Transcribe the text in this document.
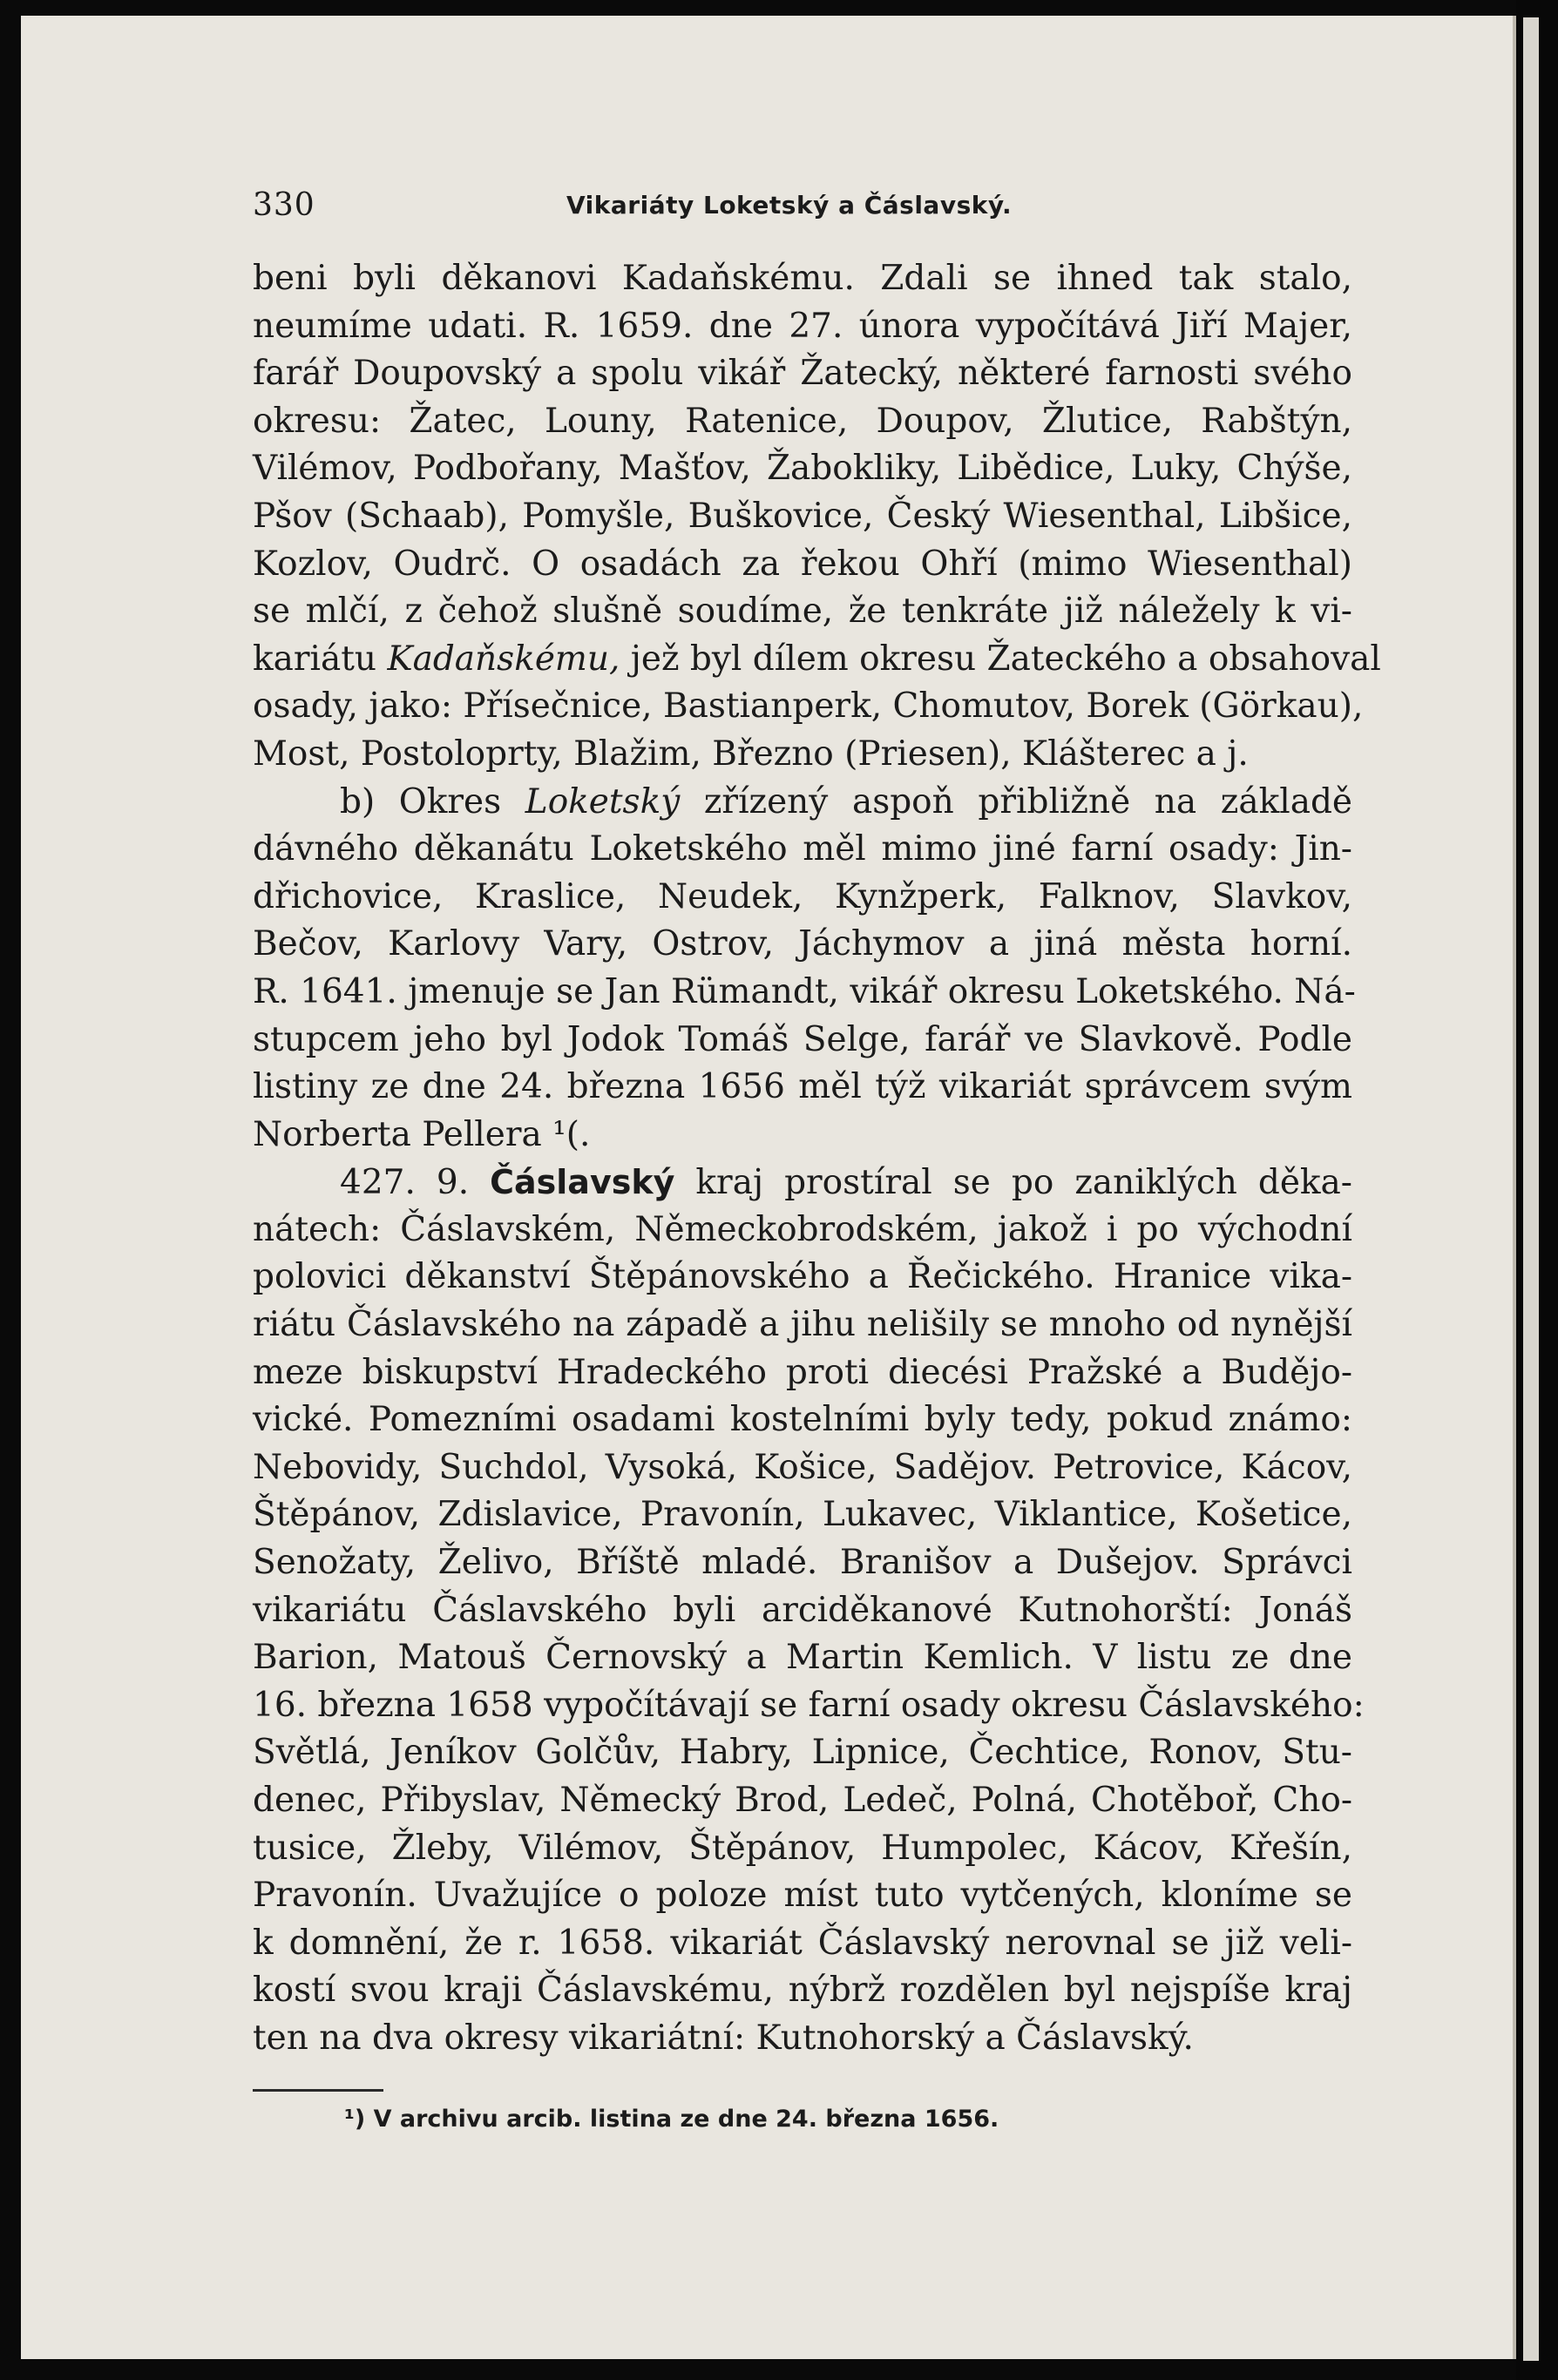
330	Vikariáty Loketský a Čáslavský.
beni byli děkanovi Kadaňskému. Zdali se ihned tak stalo,
neumíme udati. R. 1659. dne 27. února vypočítává Jiří Majer,
farář Doupovský a spolu vikář Žatecký, některé farnosti svého
okresu: Žatec, Louny, Ratenice, Doupov, Žlutice, Rabštýn,
Vilémov, Podbořany, Mašťov, Žabokliky, Libědice, Luky, Chýše,
Pšov (Schaab), Pomyšle, Buškovice, Český Wiesenthal, Libšice,
Kozlov, Oudrč. O osadách za řekou Ohří (mimo Wiesenthal)
se mlčí, z čehož slušně soudíme, že tenkráte již náležely k vi-
kariátu Kadaňskému, jež byl dílem okresu Žateckého a obsahoval
osady, jako: Přísečnice, Bastianperk, Chomutov, Borek (Görkau),
Most, Postoloprty, Blažim, Březno (Priesen), Klášterec a j.
b) Okres Loketský zřízený aspoň přibližně na základě
dávného děkanátu Loketského měl mimo jiné farní osady: Jin-
dřichovice, Kraslice, Neudek, Kynžperk, Falknov, Slavkov,
Bečov, Karlovy Vary, Ostrov, Jáchymov a jiná města horní.
R. 1641. jmenuje se Jan Rümandt, vikář okresu Loketského. Ná-
stupcem jeho byl Jodok Tomáš Selge, farář ve Slavkově. Podle
listiny ze dne 24. března 1656 měl týž vikariát správcem svým
Norberta Pellera ¹(.
427. 9. Čáslavský kraj prostíral se po zaniklých děka-
nátech: Čáslavském, Německobrodském, jakož i po východní
polovici děkanství Štěpánovského a Řečického. Hranice vika-
riátu Čáslavského na západě a jihu nelišily se mnoho od nynější
meze biskupství Hradeckého proti diecési Pražské a Budějo-
vické. Pomezními osadami kostelními byly tedy, pokud známo:
Nebovidy, Suchdol, Vysoká, Košice, Sadějov. Petrovice, Kácov,
Štěpánov, Zdislavice, Pravonín, Lukavec, Viklantice, Košetice,
Senožaty, Želivo, Bříště mladé. Branišov a Dušejov. Správci
vikariátu Čáslavského byli arciděkanové Kutnohorští: Jonáš
Barion, Matouš Černovský a Martin Kemlich. V listu ze dne
16. března 1658 vypočítávají se farní osady okresu Čáslavského:
Světlá, Jeníkov Golčův, Habry, Lipnice, Čechtice, Ronov, Stu-
denec, Přibyslav, Německý Brod, Ledeč, Polná, Chotěboř, Cho-
tusice, Žleby, Vilémov, Štěpánov, Humpolec, Kácov, Křešín,
Pravonín. Uvažujíce o poloze míst tuto vytčených, kloníme se
k domnění, že r. 1658. vikariát Čáslavský nerovnal se již veli-
kostí svou kraji Čáslavskému, nýbrž rozdělen byl nejspíše kraj
ten na dva okresy vikariátní: Kutnohorský a Čáslavský.
¹) V archivu arcib. listina ze dne 24. března 1656.
